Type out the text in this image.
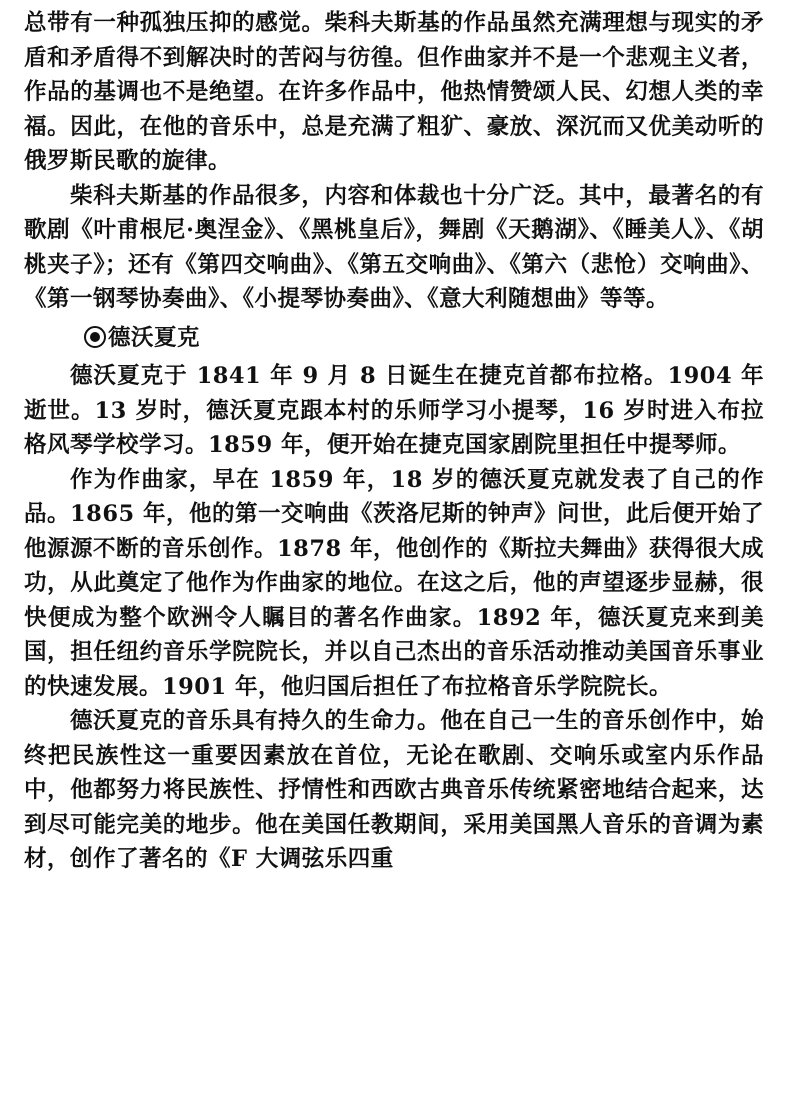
总带有一种孤独压抑的感觉。柴科夫斯基的作品虽然充满理想与现实的矛盾和矛盾得不到解决时的苦闷与彷徨。但作曲家并不是一个悲观主义者，作品的基调也不是绝望。在许多作品中，他热情赞颂人民、幻想人类的幸福。因此，在他的音乐中，总是充满了粗犷、豪放、深沉而又优美动听的俄罗斯民歌的旋律。

柴科夫斯基的作品很多，内容和体裁也十分广泛。其中，最著名的有歌剧《叶甫根尼·奥涅金》、《黑桃皇后》，舞剧《天鹅湖》、《睡美人》、《胡桃夹子》；还有《第四交响曲》、《第五交响曲》、《第六（悲怆）交响曲》、《第一钢琴协奏曲》、《小提琴协奏曲》、《意大利随想曲》等等。

德沃夏克

德沃夏克于 1841 年 9 月 8 日诞生在捷克首都布拉格。1904 年逝世。13 岁时，德沃夏克跟本村的乐师学习小提琴，16 岁时进入布拉格风琴学校学习。1859 年，便开始在捷克国家剧院里担任中提琴师。

作为作曲家，早在 1859 年，18 岁的德沃夏克就发表了自己的作品。1865 年，他的第一交响曲《茨洛尼斯的钟声》问世，此后便开始了他源源不断的音乐创作。1878 年，他创作的《斯拉夫舞曲》获得很大成功，从此奠定了他作为作曲家的地位。在这之后，他的声望逐步显赫，很快便成为整个欧洲令人瞩目的著名作曲家。1892 年，德沃夏克来到美国，担任纽约音乐学院院长，并以自己杰出的音乐活动推动美国音乐事业的快速发展。1901 年，他归国后担任了布拉格音乐学院院长。

德沃夏克的音乐具有持久的生命力。他在自己一生的音乐创作中，始终把民族性这一重要因素放在首位，无论在歌剧、交响乐或室内乐作品中，他都努力将民族性、抒情性和西欧古典音乐传统紧密地结合起来，达到尽可能完美的地步。他在美国任教期间，采用美国黑人音乐的音调为素材，创作了著名的《F 大调弦乐四重
